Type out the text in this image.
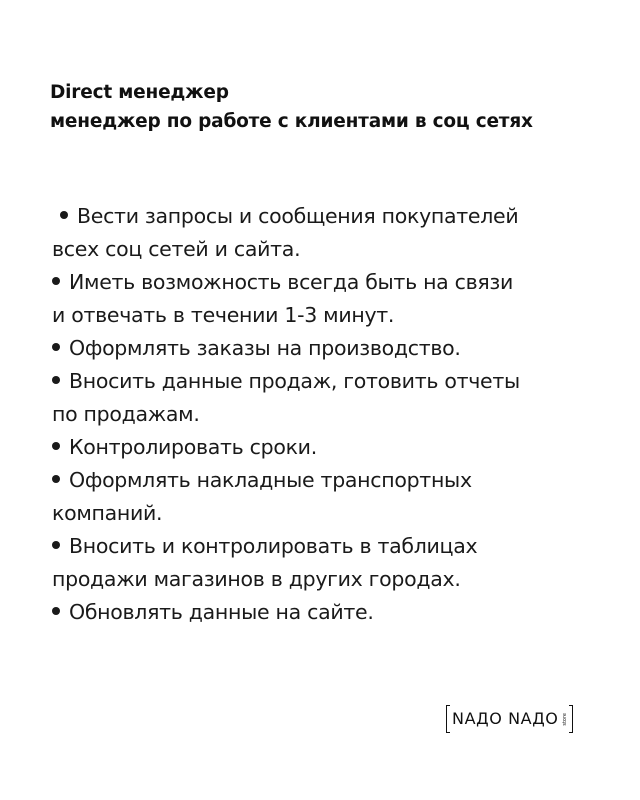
Direct менеджер
менеджер по работе с клиентами в соц сетях
Вести запросы и сообщения покупателей
всех соц сетей и сайта.
Иметь возможность всегда быть на связи
и отвечать в течении 1-3 минут.
Оформлять заказы на производство.
Вносить данные продаж, готовить отчеты
по продажам.
Контролировать сроки.
Оформлять накладные транспортных
компаний.
Вносить и контролировать в таблицах
продажи магазинов в других городах.
Обновлять данные на сайте.
NAДO NAДO store
